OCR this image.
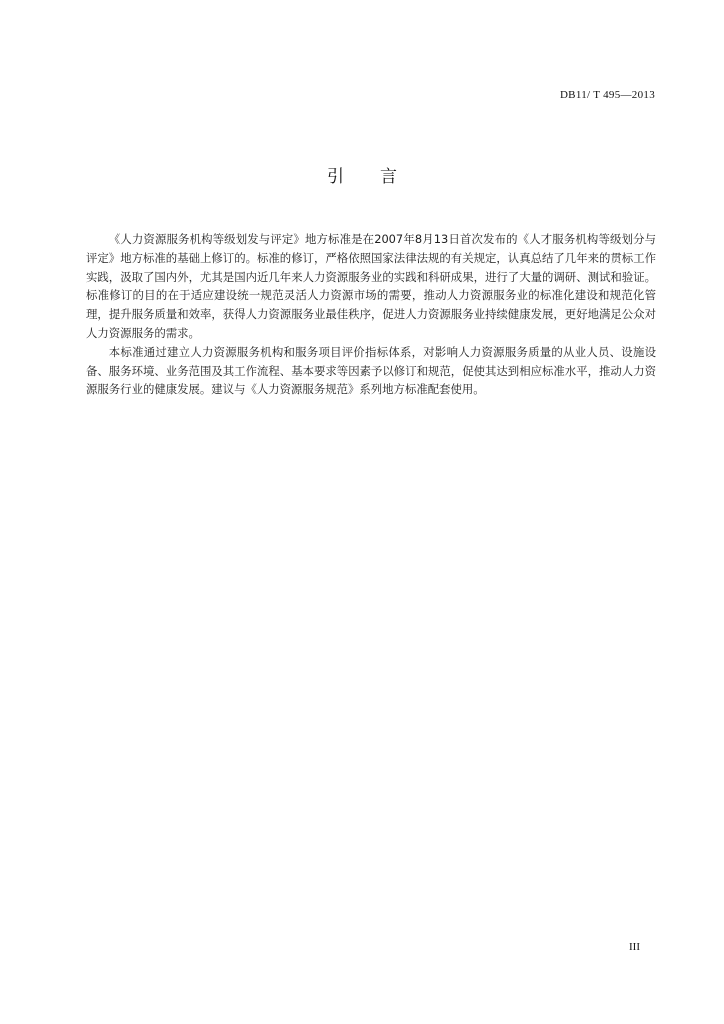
DB11/ T 495—2013
引言

《人力资源服务机构等级划发与评定》地方标准是在2007年8月13日首次发布的《人才服务机构等级划分与评定》地方标准的基础上修订的。标准的修订，严格依照国家法律法规的有关规定，认真总结了几年来的贯标工作实践，汲取了国内外，尤其是国内近几年来人力资源服务业的实践和科研成果，进行了大量的调研、测试和验证。标准修订的目的在于适应建设统一规范灵活人力资源市场的需要，推动人力资源服务业的标准化建设和规范化管理，提升服务质量和效率，获得人力资源服务业最佳秩序，促进人力资源服务业持续健康发展，更好地满足公众对人力资源服务的需求。

本标准通过建立人力资源服务机构和服务项目评价指标体系，对影响人力资源服务质量的从业人员、设施设备、服务环境、业务范围及其工作流程、基本要求等因素予以修订和规范，促使其达到相应标准水平，推动人力资源服务行业的健康发展。建议与《人力资源服务规范》系列地方标准配套使用。

III
